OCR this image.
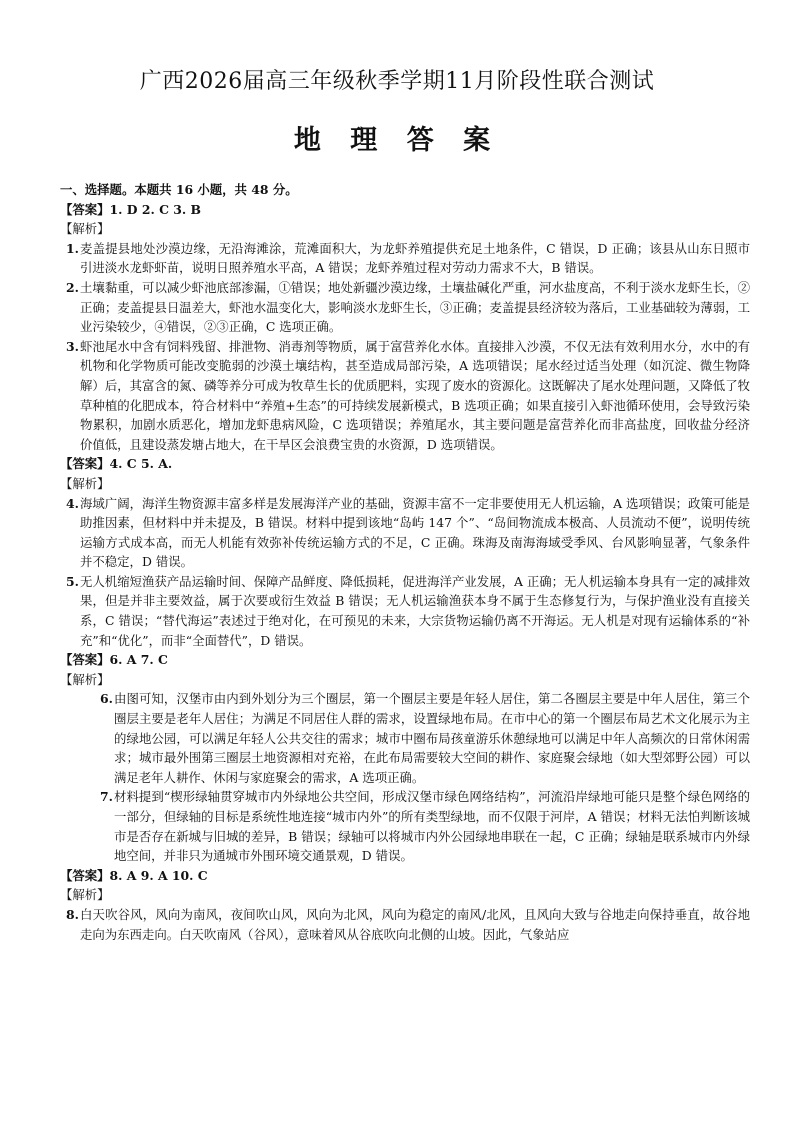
广西2026届高三年级秋季学期11月阶段性联合测试
地 理 答 案
一、选择题。本题共 16 小题，共 48 分。
【答案】1. D 2. C 3. B
【解析】
1. 麦盖提县地处沙漠边缘，无沿海滩涂，荒滩面积大，为龙虾养殖提供充足土地条件，C 错误，D 正确；该县从山东日照市引进淡水龙虾虾苗，说明日照养殖水平高，A 错误；龙虾养殖过程对劳动力需求不大，B 错误。
2. 土壤黏重，可以减少虾池底部渗漏，①错误；地处新疆沙漠边缘，土壤盐碱化严重，河水盐度高，不利于淡水龙虾生长，②正确；麦盖提县日温差大，虾池水温变化大，影响淡水龙虾生长，③正确；麦盖提县经济较为落后，工业基础较为薄弱，工业污染较少，④错误，②③正确，C 选项正确。
3. 虾池尾水中含有饲料残留、排泄物、消毒剂等物质，属于富营养化水体。直接排入沙漠，不仅无法有效利用水分，水中的有机物和化学物质可能改变脆弱的沙漠土壤结构，甚至造成局部污染，A 选项错误；尾水经过适当处理（如沉淀、微生物降解）后，其富含的氮、磷等养分可成为牧草生长的优质肥料，实现了废水的资源化。这既解决了尾水处理问题，又降低了牧草种植的化肥成本，符合材料中“养殖+生态”的可持续发展新模式，B 选项正确；如果直接引入虾池循环使用，会导致污染物累积，加剧水质恶化，增加龙虾患病风险，C 选项错误；养殖尾水，其主要问题是富营养化而非高盐度，回收盐分经济价值低，且建设蒸发塘占地大，在干旱区会浪费宝贵的水资源，D 选项错误。
【答案】4. C 5. A.
【解析】
4. 海域广阔，海洋生物资源丰富多样是发展海洋产业的基础，资源丰富不一定非要使用无人机运输，A 选项错误；政策可能是助推因素，但材料中并未提及，B 错误。材料中提到该地“岛屿 147 个”、“岛间物流成本极高、人员流动不便”，说明传统运输方式成本高，而无人机能有效弥补传统运输方式的不足，C 正确。珠海及南海海域受季风、台风影响显著，气象条件并不稳定，D 错误。
5. 无人机缩短渔获产品运输时间、保障产品鲜度、降低损耗，促进海洋产业发展，A 正确；无人机运输本身具有一定的减排效果，但是并非主要效益，属于次要或衍生效益 B 错误；无人机运输渔获本身不属于生态修复行为，与保护渔业没有直接关系，C 错误；“替代海运”表述过于绝对化，在可预见的未来，大宗货物运输仍离不开海运。无人机是对现有运输体系的“补充”和“优化”，而非“全面替代”，D 错误。
【答案】6. A 7. C
【解析】
6. 由图可知，汉堡市由内到外划分为三个圈层，第一个圈层主要是年轻人居住，第二各圈层主要是中年人居住，第三个圈层主要是老年人居住；为满足不同居住人群的需求，设置绿地布局。在市中心的第一个圈层布局艺术文化展示为主的绿地公园，可以满足年轻人公共交往的需求；城市中圈布局孩童游乐休憩绿地可以满足中年人高频次的日常休闲需求；城市最外围第三圈层土地资源相对充裕，在此布局需要较大空间的耕作、家庭聚会绿地（如大型郊野公园）可以满足老年人耕作、休闲与家庭聚会的需求，A 选项正确。
7. 材料提到“楔形绿轴贯穿城市内外绿地公共空间，形成汉堡市绿色网络结构”，河流沿岸绿地可能只是整个绿色网络的一部分，但绿轴的目标是系统性地连接“城市内外”的所有类型绿地，而不仅限于河岸，A 错误；材料无法怕判断该城市是否存在新城与旧城的差异，B 错误；绿轴可以将城市内外公园绿地串联在一起，C 正确；绿轴是联系城市内外绿地空间，并非只为通城市外围环境交通景观，D 错误。
【答案】8. A 9. A 10. C
【解析】
8. 白天吹谷风，风向为南风，夜间吹山风，风向为北风，风向为稳定的南风/北风，且风向大致与谷地走向保持垂直，故谷地走向为东西走向。白天吹南风（谷风），意味着风从谷底吹向北侧的山坡。因此，气象站应
